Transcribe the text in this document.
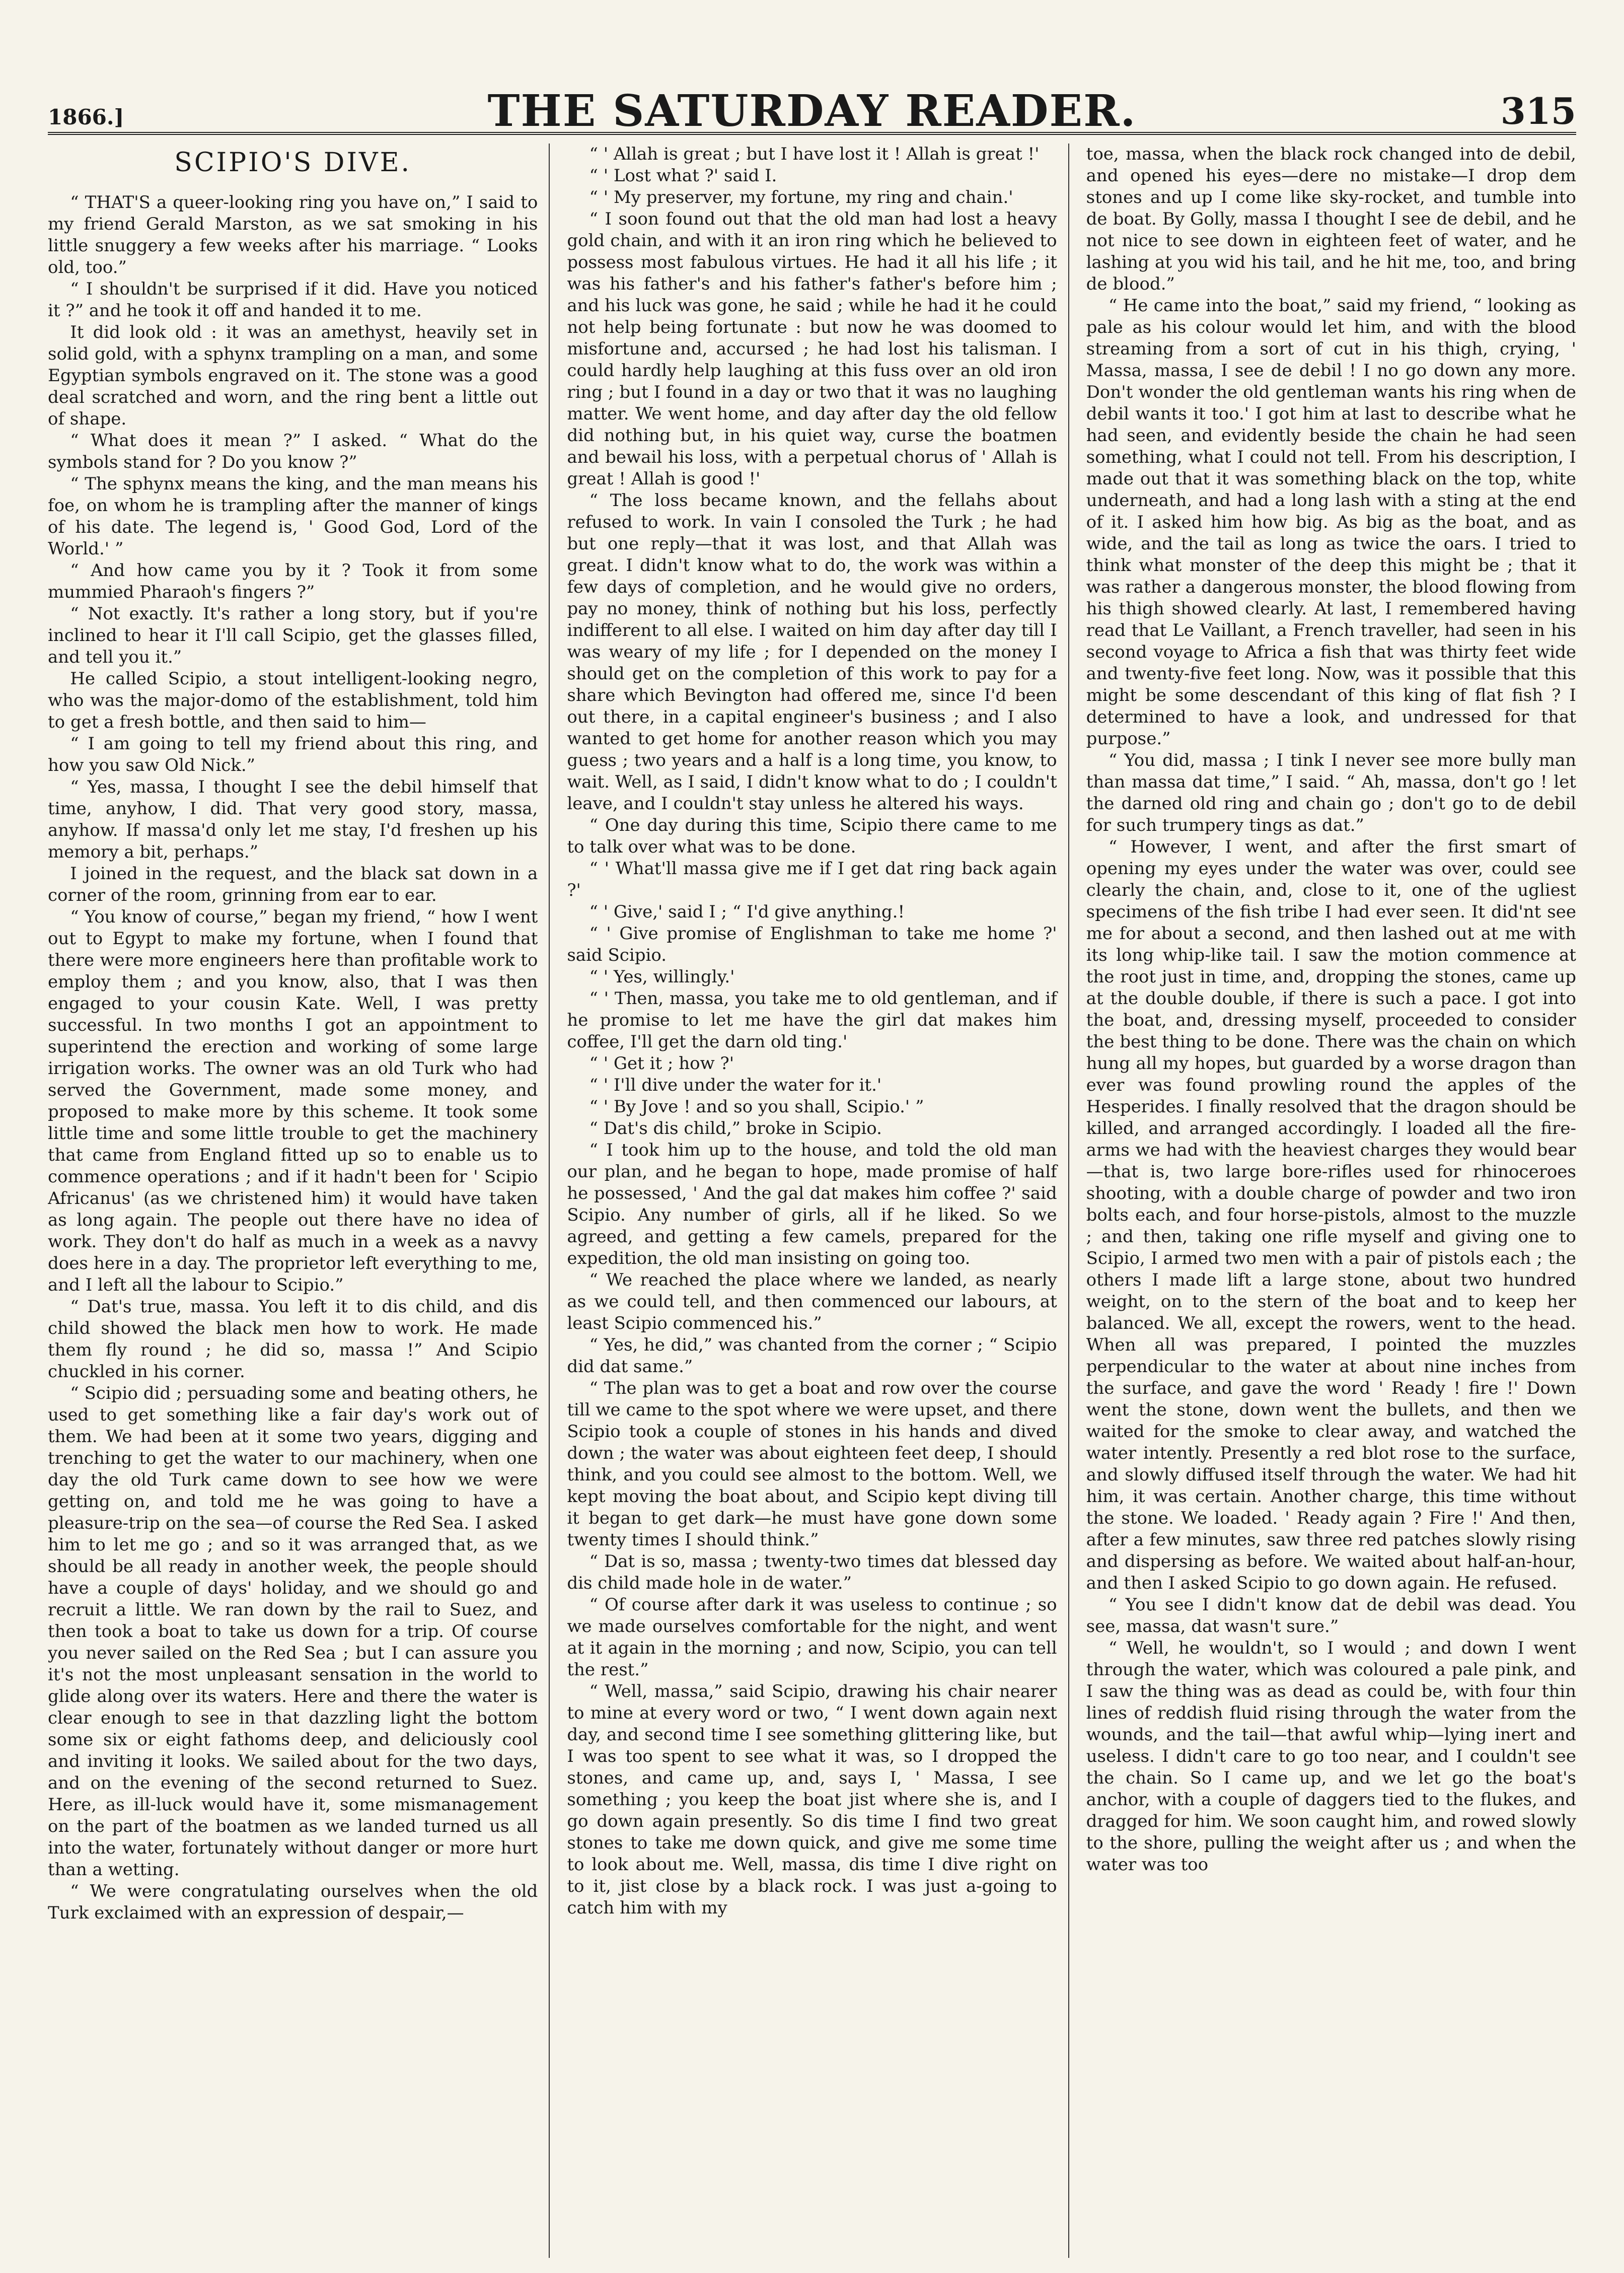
1866.]	THE SATURDAY READER.	315
SCIPIO'S DIVE.

“ THAT'S a queer-looking ring you have on,” I said to my friend Gerald Marston, as we sat smoking in his little snuggery a few weeks after his marriage. “ Looks old, too.”

“ I shouldn't be surprised if it did. Have you noticed it ?” and he took it off and handed it to me.

It did look old : it was an amethyst, heavily set in solid gold, with a sphynx trampling on a man, and some Egyptian symbols engraved on it. The stone was a good deal scratched and worn, and the ring bent a little out of shape.

“ What does it mean ?” I asked. “ What do the symbols stand for ? Do you know ?”

“ The sphynx means the king, and the man means his foe, on whom he is trampling after the manner of kings of his date. The legend is, ' Good God, Lord of the World.' ”

“ And how came you by it ? Took it from some mummied Pharaoh's fingers ?”

“ Not exactly. It's rather a long story, but if you're inclined to hear it I'll call Scipio, get the glasses filled, and tell you it.”

He called Scipio, a stout intelligent-looking negro, who was the major-domo of the establishment, told him to get a fresh bottle, and then said to him—

“ I am going to tell my friend about this ring, and how you saw Old Nick.”

“ Yes, massa, I thought I see the debil himself that time, anyhow, I did. That very good story, massa, anyhow. If massa'd only let me stay, I'd freshen up his memory a bit, perhaps.”

I joined in the request, and the black sat down in a corner of the room, grinning from ear to ear.

“ You know of course,” began my friend, “ how I went out to Egypt to make my fortune, when I found that there were more engineers here than profitable work to employ them ; and you know, also, that I was then engaged to your cousin Kate. Well, I was pretty successful. In two months I got an appointment to superintend the erection and working of some large irrigation works. The owner was an old Turk who had served the Government, made some money, and proposed to make more by this scheme. It took some little time and some little trouble to get the machinery that came from England fitted up so to enable us to commence operations ; and if it hadn't been for ' Scipio Africanus' (as we christened him) it would have taken as long again. The people out there have no idea of work. They don't do half as much in a week as a navvy does here in a day. The proprietor left everything to me, and I left all the labour to Scipio.”

“ Dat's true, massa. You left it to dis child, and dis child showed the black men how to work. He made them fly round ; he did so, massa !” And Scipio chuckled in his corner.

“ Scipio did ; persuading some and beating others, he used to get something like a fair day's work out of them. We had been at it some two years, digging and trenching to get the water to our machinery, when one day the old Turk came down to see how we were getting on, and told me he was going to have a pleasure-trip on the sea—of course the Red Sea. I asked him to let me go ; and so it was arranged that, as we should be all ready in another week, the people should have a couple of days' holiday, and we should go and recruit a little. We ran down by the rail to Suez, and then took a boat to take us down for a trip. Of course you never sailed on the Red Sea ; but I can assure you it's not the most unpleasant sensation in the world to glide along over its waters. Here and there the water is clear enough to see in that dazzling light the bottom some six or eight fathoms deep, and deliciously cool and inviting it looks. We sailed about for the two days, and on the evening of the second returned to Suez. Here, as ill-luck would have it, some mismanagement on the part of the boatmen as we landed turned us all into the water, fortunately without danger or more hurt than a wetting.

“ We were congratulating ourselves when the old Turk exclaimed with an expression of despair,—

“ ' Allah is great ; but I have lost it ! Allah is great !'

“ ' Lost what ?' said I.

“ ' My preserver, my fortune, my ring and chain.'

“ I soon found out that the old man had lost a heavy gold chain, and with it an iron ring which he believed to possess most fabulous virtues. He had it all his life ; it was his father's and his father's father's before him ; and his luck was gone, he said ; while he had it he could not help being fortunate : but now he was doomed to misfortune and, accursed ; he had lost his talisman. I could hardly help laughing at this fuss over an old iron ring ; but I found in a day or two that it was no laughing matter. We went home, and day after day the old fellow did nothing but, in his quiet way, curse the boatmen and bewail his loss, with a perpetual chorus of ' Allah is great ! Allah is good !'

“ The loss became known, and the fellahs about refused to work. In vain I consoled the Turk ; he had but one reply—that it was lost, and that Allah was great. I didn't know what to do, the work was within a few days of completion, and he would give no orders, pay no money, think of nothing but his loss, perfectly indifferent to all else. I waited on him day after day till I was weary of my life ; for I depended on the money I should get on the completion of this work to pay for a share which Bevington had offered me, since I'd been out there, in a capital engineer's business ; and I also wanted to get home for another reason which you may guess ; two years and a half is a long time, you know, to wait. Well, as I said, I didn't know what to do ; I couldn't leave, and I couldn't stay unless he altered his ways.

“ One day during this time, Scipio there came to me to talk over what was to be done.

“ ' What'll massa give me if I get dat ring back again ?'

“ ' Give,' said I ; “ I'd give anything.!

“ ' Give promise of Englishman to take me home ?' said Scipio.

“ ' Yes, willingly.'

“ ' Then, massa, you take me to old gentleman, and if he promise to let me have the girl dat makes him coffee, I'll get the darn old ting.'

“ ' Get it ; how ?'

“ ' I'll dive under the water for it.'

“ ' By Jove ! and so you shall, Scipio.' ”

“ Dat's dis child,” broke in Scipio.

“ I took him up to the house, and told the old man our plan, and he began to hope, made promise of half he possessed, ' And the gal dat makes him coffee ?' said Scipio. Any number of girls, all if he liked. So we agreed, and getting a few camels, prepared for the expedition, the old man insisting on going too.

“ We reached the place where we landed, as nearly as we could tell, and then commenced our labours, at least Scipio commenced his.”

“ Yes, he did,” was chanted from the corner ; “ Scipio did dat same.”

“ The plan was to get a boat and row over the course till we came to the spot where we were upset, and there Scipio took a couple of stones in his hands and dived down ; the water was about eighteen feet deep, I should think, and you could see almost to the bottom. Well, we kept moving the boat about, and Scipio kept diving till it began to get dark—he must have gone down some twenty times I should think.”

“ Dat is so, massa ; twenty-two times dat blessed day dis child made hole in de water.”

“ Of course after dark it was useless to continue ; so we made ourselves comfortable for the night, and went at it again in the morning ; and now, Scipio, you can tell the rest.”

“ Well, massa,” said Scipio, drawing his chair nearer to mine at every word or two, “ I went down again next day, and second time I see something glittering like, but I was too spent to see what it was, so I dropped the stones, and came up, and, says I, ' Massa, I see something ; you keep the boat jist where she is, and I go down again presently. So dis time I find two great stones to take me down quick, and give me some time to look about me. Well, massa, dis time I dive right on to it, jist close by a black rock. I was just a-going to catch him with my

toe, massa, when the black rock changed into de debil, and opened his eyes—dere no mistake—I drop dem stones and up I come like sky-rocket, and tumble into de boat. By Golly, massa I thought I see de debil, and he not nice to see down in eighteen feet of water, and he lashing at you wid his tail, and he hit me, too, and bring de blood.”

“ He came into the boat,” said my friend, “ looking as pale as his colour would let him, and with the blood streaming from a sort of cut in his thigh, crying, ' Massa, massa, I see de debil ! I no go down any more. Don't wonder the old gentleman wants his ring when de debil wants it too.' I got him at last to describe what he had seen, and evidently beside the chain he had seen something, what I could not tell. From his description, I made out that it was something black on the top, white underneath, and had a long lash with a sting at the end of it. I asked him how big. As big as the boat, and as wide, and the tail as long as twice the oars. I tried to think what monster of the deep this might be ; that it was rather a dangerous monster, the blood flowing from his thigh showed clearly. At last, I remembered having read that Le Vaillant, a French traveller, had seen in his second voyage to Africa a fish that was thirty feet wide and twenty-five feet long. Now, was it possible that this might be some descendant of this king of flat fish ? I determined to have a look, and undressed for that purpose.”

“ You did, massa ; I tink I never see more bully man than massa dat time,” I said. “ Ah, massa, don't go ! let the darned old ring and chain go ; don't go to de debil for such trumpery tings as dat.”

“ However, I went, and after the first smart of opening my eyes under the water was over, could see clearly the chain, and, close to it, one of the ugliest specimens of the fish tribe I had ever seen. It did'nt see me for about a second, and then lashed out at me with its long whip-like tail. I saw the motion commence at the root just in time, and, dropping the stones, came up at the double double, if there is such a pace. I got into the boat, and, dressing myself, proceeded to consider the best thing to be done. There was the chain on which hung all my hopes, but guarded by a worse dragon than ever was found prowling round the apples of the Hesperides. I finally resolved that the dragon should be killed, and arranged accordingly. I loaded all the fire-arms we had with the heaviest charges they would bear—that is, two large bore-rifles used for rhinoceroes shooting, with a double charge of powder and two iron bolts each, and four horse-pistols, almost to the muzzle ; and then, taking one rifle myself and giving one to Scipio, I armed two men with a pair of pistols each ; the others I made lift a large stone, about two hundred weight, on to the stern of the boat and to keep her balanced. We all, except the rowers, went to the head. When all was prepared, I pointed the muzzles perpendicular to the water at about nine inches from the surface, and gave the word ' Ready ! fire !' Down went the stone, down went the bullets, and then we waited for the smoke to clear away, and watched the water intently. Presently a red blot rose to the surface, and slowly diffused itself through the water. We had hit him, it was certain. Another charge, this time without the stone. We loaded. ' Ready again ? Fire !' And then, after a few minutes, saw three red patches slowly rising and dispersing as before. We waited about half-an-hour, and then I asked Scipio to go down again. He refused.

“ You see I didn't know dat de debil was dead. You see, massa, dat wasn't sure.”

“ Well, he wouldn't, so I would ; and down I went through the water, which was coloured a pale pink, and I saw the thing was as dead as could be, with four thin lines of reddish fluid rising through the water from the wounds, and the tail—that awful whip—lying inert and useless. I didn't care to go too near, and I couldn't see the chain. So I came up, and we let go the boat's anchor, with a couple of daggers tied to the flukes, and dragged for him. We soon caught him, and rowed slowly to the shore, pulling the weight after us ; and when the water was too
